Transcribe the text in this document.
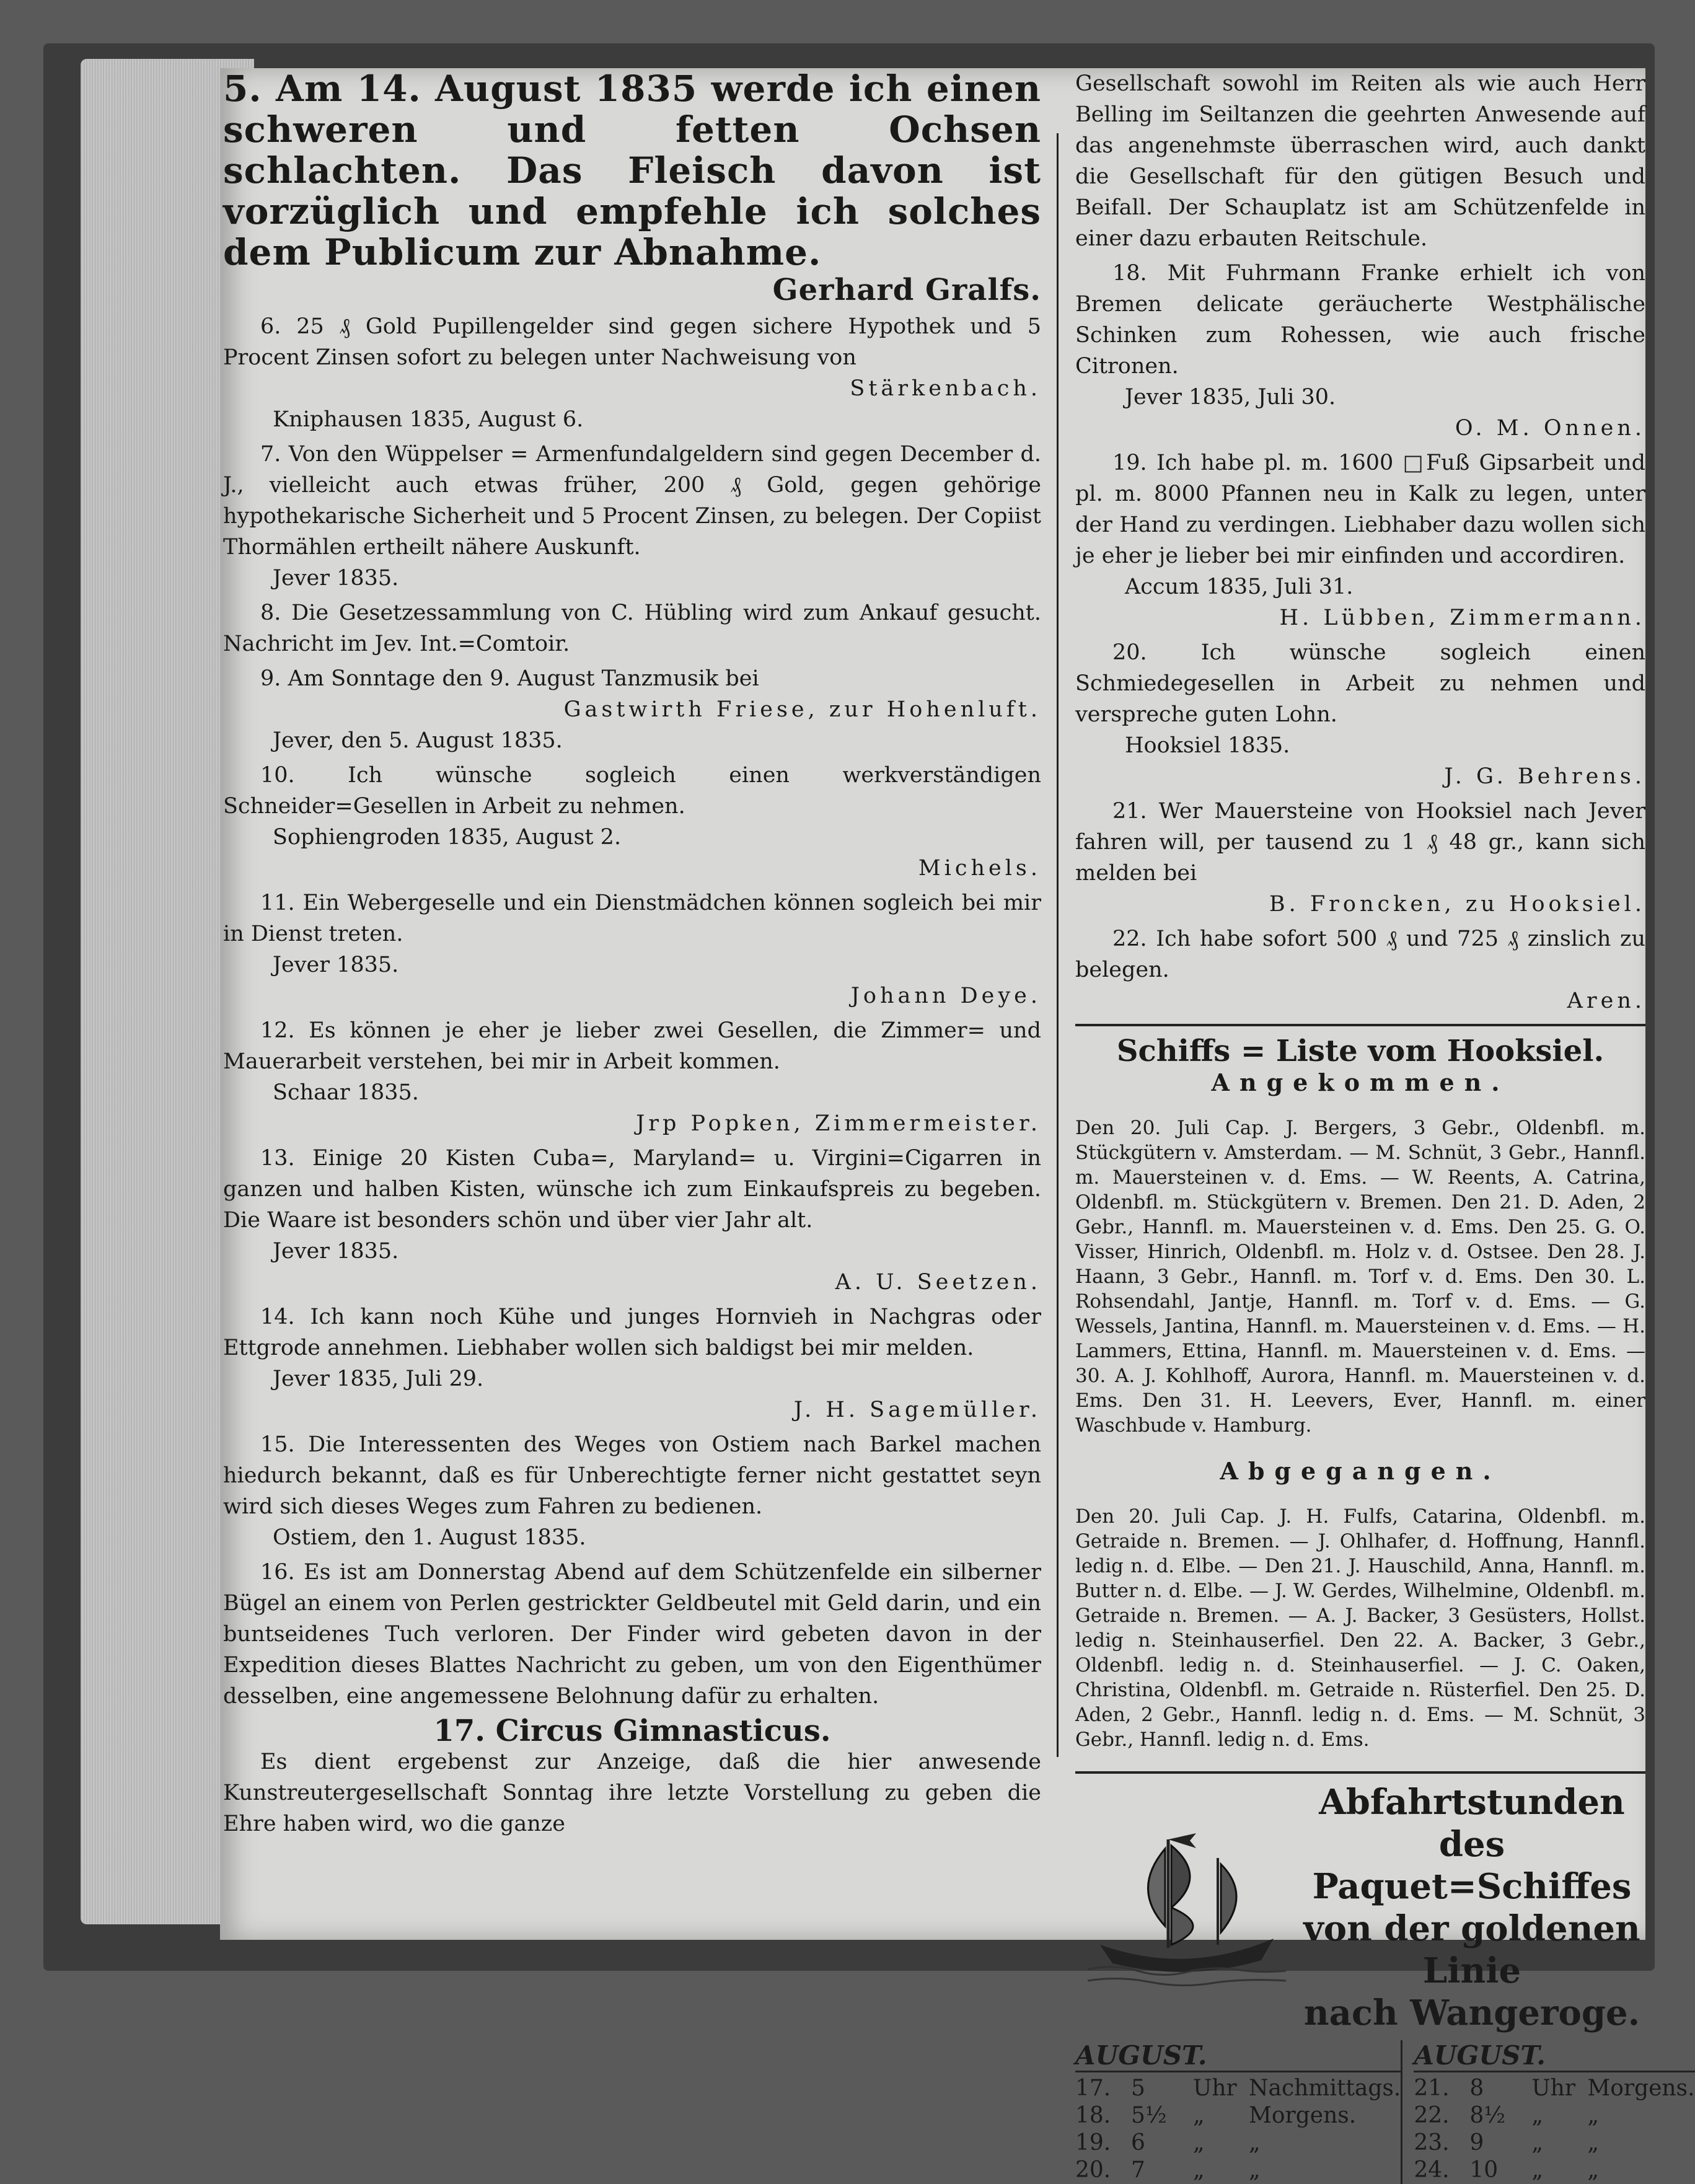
5. Am 14. August 1835 werde ich einen schweren und fetten Ochsen schlachten. Das Fleisch davon ist vorzüglich und empfehle ich solches dem Publicum zur Abnahme.

Gerhard Gralfs.

6. 25 ₰ Gold Pupillengelder sind gegen sichere Hypothek und 5 Procent Zinsen sofort zu belegen unter Nachweisung von

Stärkenbach.

Kniphausen 1835, August 6.

7. Von den Wüppelser = Armenfundalgeldern sind gegen December d. J., vielleicht auch etwas früher, 200 ₰ Gold, gegen gehörige hypothekarische Sicherheit und 5 Procent Zinsen, zu belegen. Der Copiist Thormählen ertheilt nähere Auskunft.

Jever 1835.

8. Die Gesetzessammlung von C. Hübling wird zum Ankauf gesucht. Nachricht im Jev. Int.=Comtoir.

9. Am Sonntage den 9. August Tanzmusik bei

Gastwirth Friese, zur Hohenluft.

Jever, den 5. August 1835.

10. Ich wünsche sogleich einen werkverständigen Schneider=Gesellen in Arbeit zu nehmen.

Sophiengroden 1835, August 2.

Michels.

11. Ein Webergeselle und ein Dienstmädchen können sogleich bei mir in Dienst treten.

Jever 1835.

Johann Deye.

12. Es können je eher je lieber zwei Gesellen, die Zimmer= und Mauerarbeit verstehen, bei mir in Arbeit kommen.

Schaar 1835.

Jrp Popken, Zimmermeister.

13. Einige 20 Kisten Cuba=, Maryland= u. Virgini=Cigarren in ganzen und halben Kisten, wünsche ich zum Einkaufspreis zu begeben. Die Waare ist besonders schön und über vier Jahr alt.

Jever 1835.

A. U. Seetzen.

14. Ich kann noch Kühe und junges Hornvieh in Nachgras oder Ettgrode annehmen. Liebhaber wollen sich baldigst bei mir melden.

Jever 1835, Juli 29.

J. H. Sagemüller.

15. Die Interessenten des Weges von Ostiem nach Barkel machen hiedurch bekannt, daß es für Unberechtigte ferner nicht gestattet seyn wird sich dieses Weges zum Fahren zu bedienen.

Ostiem, den 1. August 1835.

16. Es ist am Donnerstag Abend auf dem Schützenfelde ein silberner Bügel an einem von Perlen gestrickter Geldbeutel mit Geld darin, und ein buntseidenes Tuch verloren. Der Finder wird gebeten davon in der Expedition dieses Blattes Nachricht zu geben, um von den Eigenthümer desselben, eine angemessene Belohnung dafür zu erhalten.

17. Circus Gimnasticus.

Es dient ergebenst zur Anzeige, daß die hier anwesende Kunstreutergesellschaft Sonntag ihre letzte Vorstellung zu geben die Ehre haben wird, wo die ganze

Gesellschaft sowohl im Reiten als wie auch Herr Belling im Seiltanzen die geehrten Anwesende auf das angenehmste überraschen wird, auch dankt die Gesellschaft für den gütigen Besuch und Beifall. Der Schauplatz ist am Schützenfelde in einer dazu erbauten Reitschule.

18. Mit Fuhrmann Franke erhielt ich von Bremen delicate geräucherte Westphälische Schinken zum Rohessen, wie auch frische Citronen.

Jever 1835, Juli 30.

O. M. Onnen.

19. Ich habe pl. m. 1600 □Fuß Gipsarbeit und pl. m. 8000 Pfannen neu in Kalk zu legen, unter der Hand zu verdingen. Liebhaber dazu wollen sich je eher je lieber bei mir einfinden und accordiren.

Accum 1835, Juli 31.

H. Lübben, Zimmermann.

20. Ich wünsche sogleich einen Schmiedegesellen in Arbeit zu nehmen und verspreche guten Lohn.

Hooksiel 1835.

J. G. Behrens.

21. Wer Mauersteine von Hooksiel nach Jever fahren will, per tausend zu 1 ₰ 48 gr., kann sich melden bei

B. Froncken, zu Hooksiel.

22. Ich habe sofort 500 ₰ und 725 ₰ zinslich zu belegen.

Aren.

Schiffs = Liste vom Hooksiel.
Angekommen.

Den 20. Juli Cap. J. Bergers, 3 Gebr., Oldenbfl. m. Stückgütern v. Amsterdam. — M. Schnüt, 3 Gebr., Hannfl. m. Mauersteinen v. d. Ems. — W. Reents, A. Catrina, Oldenbfl. m. Stückgütern v. Bremen. Den 21. D. Aden, 2 Gebr., Hannfl. m. Mauersteinen v. d. Ems. Den 25. G. O. Visser, Hinrich, Oldenbfl. m. Holz v. d. Ostsee. Den 28. J. Haann, 3 Gebr., Hannfl. m. Torf v. d. Ems. Den 30. L. Rohsendahl, Jantje, Hannfl. m. Torf v. d. Ems. — G. Wessels, Jantina, Hannfl. m. Mauersteinen v. d. Ems. — H. Lammers, Ettina, Hannfl. m. Mauersteinen v. d. Ems. — 30. A. J. Kohlhoff, Aurora, Hannfl. m. Mauersteinen v. d. Ems. Den 31. H. Leevers, Ever, Hannfl. m. einer Waschbude v. Hamburg.

Abgegangen.

Den 20. Juli Cap. J. H. Fulfs, Catarina, Oldenbfl. m. Getraide n. Bremen. — J. Ohlhafer, d. Hoffnung, Hannfl. ledig n. d. Elbe. — Den 21. J. Hauschild, Anna, Hannfl. m. Butter n. d. Elbe. — J. W. Gerdes, Wilhelmine, Oldenbfl. m. Getraide n. Bremen. — A. J. Backer, 3 Gesüsters, Hollst. ledig n. Steinhauserfiel. Den 22. A. Backer, 3 Gebr., Oldenbfl. ledig n. d. Steinhauserfiel. — J. C. Oaken, Christina, Oldenbfl. m. Getraide n. Rüsterfiel. Den 25. D. Aden, 2 Gebr., Hannfl. ledig n. d. Ems. — M. Schnüt, 3 Gebr., Hannfl. ledig n. d. Ems.

Abfahrtstunden des
Paquet=Schiffes
von der goldenen Linie
nach Wangeroge.
AUGUST.
17. 5	Uhr Nachmittags.
18. 5½	„	Morgens.
19. 6	„	„
20. 7	„	„
AUGUST.
21. 8	Uhr Morgens.
22. 8½	„	„
23. 9	„	„
24. 10	„	„
